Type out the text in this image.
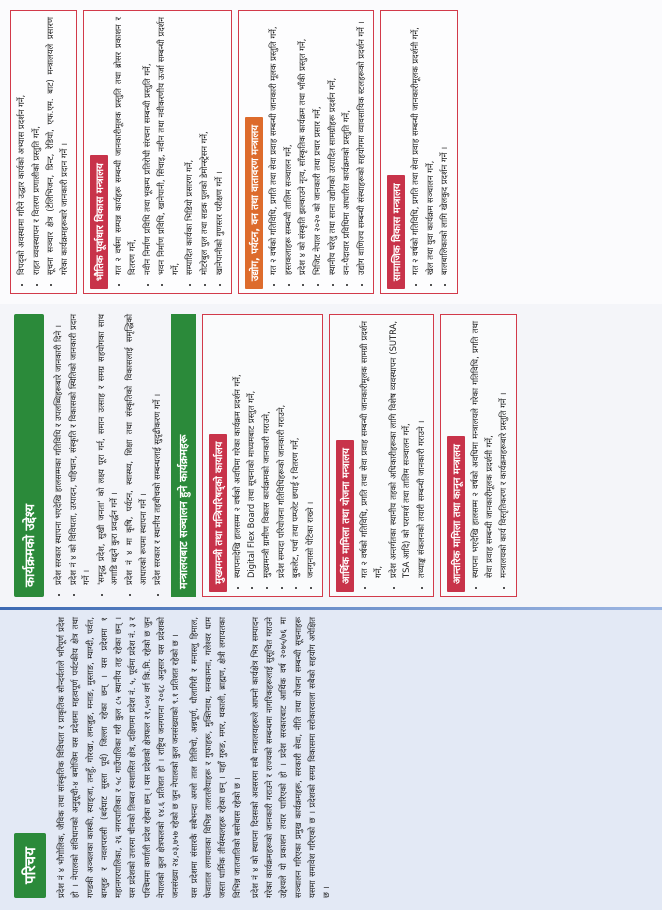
परिचय प्रदेश नं ४ भौगोलिक, जैविक तथा सांस्कृतिक विविधता र प्राकृतिक सौन्दर्यताले भरिपूर्ण प्रदेश हो । नेपालको संविधानको अनुसूची-४ बमोजिम यस प्रदेशमा महत्वपूर्ण पर्यटकीय क्षेत्र तथा गण्डकी अञ्चलका कास्की, स्याङ्जा, तनहुँ, गोरखा, लमजुङ, मनाङ, मुस्ताङ, म्याग्दी, पर्वत, बाग्लुङ र नवलपरासी (बर्दघाट सुस्ता पूर्व) जिल्ला रहेका छन् । यस प्रदेशमा १ महानगरपालिका, २६ नगरपालिका र ५८ गाउँपालिका गरी कुल ८५ स्थानीय तह रहेका छन् । यस प्रदेशको उत्तरमा चीनको तिब्बत स्वशासित क्षेत्र, दक्षिणमा प्रदेश नं. ५, पूर्वमा प्रदेश नं. ३ र पश्चिममा कर्णाली प्रदेश रहेका छन् । यस प्रदेशको क्षेत्रफल २१,५०४ वर्ग कि.मि. रहेको छ जुन नेपालको कुल क्षेत्रफलको १४.६ प्रतिशत हो । राष्ट्रिय जनगणना २०६८ अनुसार यस प्रदेशको जनसंख्या २४,०३,७५७ रहेको छ जुन नेपालको कुल जनसंख्याको ९.१ प्रतिशत रहेको छ । यस प्रदेशमा संसारकै सबैभन्दा अग्लो ताल तिलिचो, अन्नपूर्ण, धौलागिरी र मनास्लु हिमाल, फेवाताल लगायतका विभिन्न तालतलैयाहरू र गुफाहरू, मुक्तिनाथ, मनकामना, गलेश्वर धाम जस्ता धार्मिक तीर्थस्थलहरू रहेका छन् । यहाँ गुरुङ, मगर, थकाली, ब्राह्मण, क्षेत्री लगायतका विभिन्न जातजातिको बसोबास रहेको छ । प्रदेश नं ४ को स्थापना दिवसको अवसरमा सबै मन्त्रालयहरूले आफ्नो कार्यक्षेत्र भित्र सम्पादन गरेका कार्यक्रमहरूको जानकारी गराउने र राज्यको सम्बन्धमा नागरिकहरूलाई सुसूचित गराउने उद्देश्यले यो प्रकाशन तयार पारिएको हो । प्रदेश सरकारबाट आर्थिक वर्ष २०७५/७६ मा सञ्चालन गरिएका प्रमुख कार्यक्रमहरू, सरकारी सेवा, नीति तथा योजना सम्बन्धी सूचनाहरू यसमा समावेश गरिएको छ । प्रदेशको समग्र विकासमा सरोकारवाला सबैको सहयोग अपेक्षित छ ।

कार्यक्रमको उद्देश्य	• प्रदेश सरकार स्थापना भएदेखि हालसम्मका गतिविधि र उपलब्धिहरूबारे जानकारी दिने । • प्रदेश नं ४ को विविधता, उत्पादन, पहिचान, संस्कृति र विकासको स्थितिको जानकारी प्रदान गर्ने । • 'समृद्ध प्रदेश, सुखी जनता' को लक्ष्य पूरा गर्न, समान उत्साह र समग्र सहयोगका साथ अगाडि बढ्ने कुरा प्रवर्द्धन गर्ने । • प्रदेश नं ४ मा कृषि, पर्यटन, स्वास्थ्य, शिक्षा तथा संस्कृतिको विकासलाई समृद्धिको आधारको रूपमा स्थापना गर्ने । • प्रदेश सरकार र स्थानीय तहबीचको सम्बन्धलाई सुदृढीकरण गर्ने ।	मन्त्रालयबाट सञ्चालन हुने कार्यक्रमहरू	मुख्यमन्त्री तथा मन्त्रिपरिषद्को कार्यालय • स्थापनादेखि हालसम्म २ वर्षको अवधिमा गरेका कार्यक्रम प्रदर्शन गर्ने, • Digital Flex Board तथा सूचनाको माध्यमबाट प्रस्तुत गर्ने, • मुख्यमन्त्री ग्रामीण विकास कार्यक्रमको जानकारी गराउने, • प्रदेश सम्पदा परियोजना गतिविधिहरूको जानकारी गराउने, • बुकलेट, पर्चा तथा पम्प्लेट छपाई र वितरण गर्ने, • जनगुनासो पेटिका राख्ने ।	आर्थिक मामिला तथा योजना मन्त्रालय • गत २ वर्षको गतिविधि, प्रगति तथा सेवा प्रवाह सम्बन्धी जानकारीमूलक सामग्री प्रदर्शन गर्ने, • प्रदेश अन्तर्गतका स्थानीय तहको अधिकारीहरूका लागि विशेष व्यवस्थापन (SUTRA, TSA आदि) को परामर्श तथा तालिम सञ्चालन गर्ने, • तथ्याङ्क संकलनको तयारी सम्बन्धी जानकारी गराउने ।	आन्तरिक मामिला तथा कानून मन्त्रालय • स्थापना भएदेखि हालसम्म २ वर्षको अवधिमा मन्त्रालयले गरेका गतिविधि, प्रगति तथा सेवा प्रवाह सम्बन्धी जानकारीमूलक प्रदर्शनी गर्ने, • मन्त्रालयको कार्य विस्तृतिकरण र कार्यक्रमहरूबारे प्रस्तुति गर्ने ।
• विपद्को अवस्थामा गरिने उद्धार कार्यको अभ्यास प्रदर्शन गर्ने, • राहत व्यवस्थापन र वितरण प्रणालीको प्रस्तुति गर्ने, • सूचना सञ्चार क्षेत्र (टेलिभिजन, प्रिन्ट, रेडियो, एफ.एम. बाट) मन्त्रालयले प्रसारण गरेका कार्यक्रमहरूबारे जानकारी प्रदान गर्ने ।	भौतिक पूर्वाधार विकास मन्त्रालय • गत २ वर्षमा सम्पन्न कार्यहरू सम्बन्धी जानकारीमूलक प्रस्तुति तथा ब्रोसर प्रकाशन र वितरण गर्ने, • नवीन निर्माण प्रविधि तथा भूकम्प प्रतिरोधी संरचना सम्बन्धी प्रस्तुति गर्ने, • भवन निर्माण प्रविधि, खानेपानी, सिंचाइ, नवीन तथा नवीकरणीय ऊर्जा सम्बन्धी प्रदर्शन गर्ने, • सम्पादित कार्यका भिडियो प्रसारण गर्ने, • मोटरेबुल पुल तथा सडक पुलको डेमोन्स्ट्रेसन गर्ने, • खानेपानीको गुणस्तर परीक्षण गर्ने ।	उद्योग, पर्यटन, वन तथा वातावरण मन्त्रालय • गत २ वर्षको गतिविधि, प्रगति तथा सेवा प्रवाह सम्बन्धी जानकारी मूलक प्रस्तुति गर्ने, • हस्तकलाहरू सम्बन्धी तालिम सञ्चालन गर्ने, • प्रदेश ४ को संस्कृति झल्काउने नृत्य, साँस्कृतिक कार्यक्रम तथा भाँकी प्रस्तुत गर्ने, • भिजिट नेपाल २०२० को जानकारी तथा प्रचार प्रसार गर्ने, • स्थानीय घरेलु तथा साना उद्योगको उत्पादित सामग्रीहरू प्रदर्शन गर्ने, • वन-पैदावार प्रविधिमा आधारित कार्यक्रमको प्रस्तुति गर्ने, • उद्योग वाणिज्य सम्बन्धी संस्थाहरूको सहयोगमा व्यावसायिक स्टलहरूको प्रदर्शन गर्ने ।	सामाजिक विकास मन्त्रालय • गत २ वर्षको गतिविधि, प्रगति तथा सेवा प्रवाह सम्बन्धी जानकारीमूलक प्रदर्शनी गर्ने, • खेल तथा युवा कार्यक्रम सञ्चालन गर्ने, • बालबालिकाको लागि खेलकुद प्रदर्शन गर्ने ।
